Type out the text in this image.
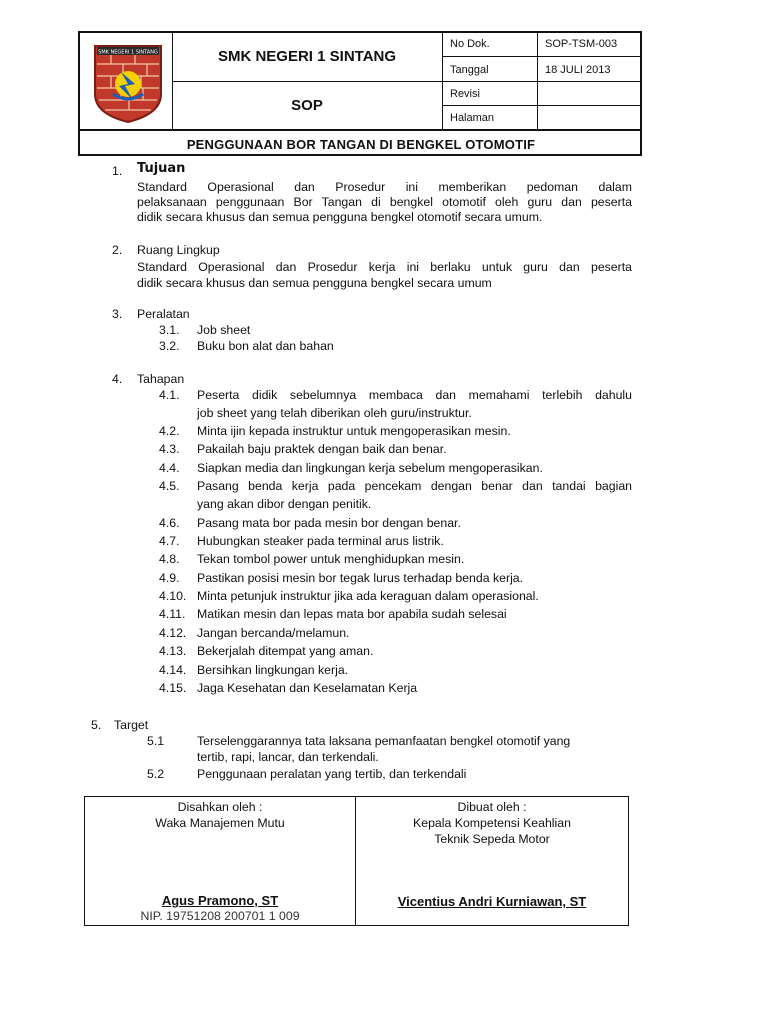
SMK NEGERI 1 SINTANG	SMK NEGERI 1 SINTANG
SOP
No Dok.	SOP-TSM-003
Tanggal	18 JULI 2013
Revisi
Halaman
PENGGUNAAN BOR TANGAN DI BENGKEL OTOMOTIF
1. Tujuan
Standard Operasional dan Prosedur ini memberikan pedoman dalam
pelaksanaan penggunaan Bor Tangan di bengkel otomotif oleh guru dan peserta
didik secara khusus dan semua pengguna bengkel otomotif secara umum.
2. Ruang Lingkup
Standard Operasional dan Prosedur kerja ini berlaku untuk guru dan peserta
didik secara khusus dan semua pengguna bengkel secara umum
3. Peralatan
3.1. Job sheet
3.2. Buku bon alat dan bahan
4. Tahapan
4.1. Peserta didik sebelumnya membaca dan memahami terlebih dahulu
job sheet yang telah diberikan oleh guru/instruktur.
4.2. Minta ijin kepada instruktur untuk mengoperasikan mesin.
4.3. Pakailah baju praktek dengan baik dan benar.
4.4. Siapkan media dan lingkungan kerja sebelum mengoperasikan.
4.5. Pasang benda kerja pada pencekam dengan benar dan tandai bagian
yang akan dibor dengan penitik.
4.6. Pasang mata bor pada mesin bor dengan benar.
4.7. Hubungkan steaker pada terminal arus listrik.
4.8. Tekan tombol power untuk menghidupkan mesin.
4.9. Pastikan posisi mesin bor tegak lurus terhadap benda kerja.
4.10. Minta petunjuk instruktur jika ada keraguan dalam operasional.
4.11. Matikan mesin dan lepas mata bor apabila sudah selesai
4.12. Jangan bercanda/melamun.
4.13. Bekerjalah ditempat yang aman.
4.14. Bersihkan lingkungan kerja.
4.15. Jaga Kesehatan dan Keselamatan Kerja
5. Target
5.1	Terselenggarannya tata laksana pemanfaatan bengkel otomotif yang
tertib, rapi, lancar, dan terkendali.
5.2	Penggunaan peralatan yang tertib, dan terkendali
Disahkan oleh :
Waka Manajemen Mutu
Agus Pramono, ST
NIP. 19751208 200701 1 009
Dibuat oleh :
Kepala Kompetensi Keahlian
Teknik Sepeda Motor
Vicentius Andri Kurniawan, ST
